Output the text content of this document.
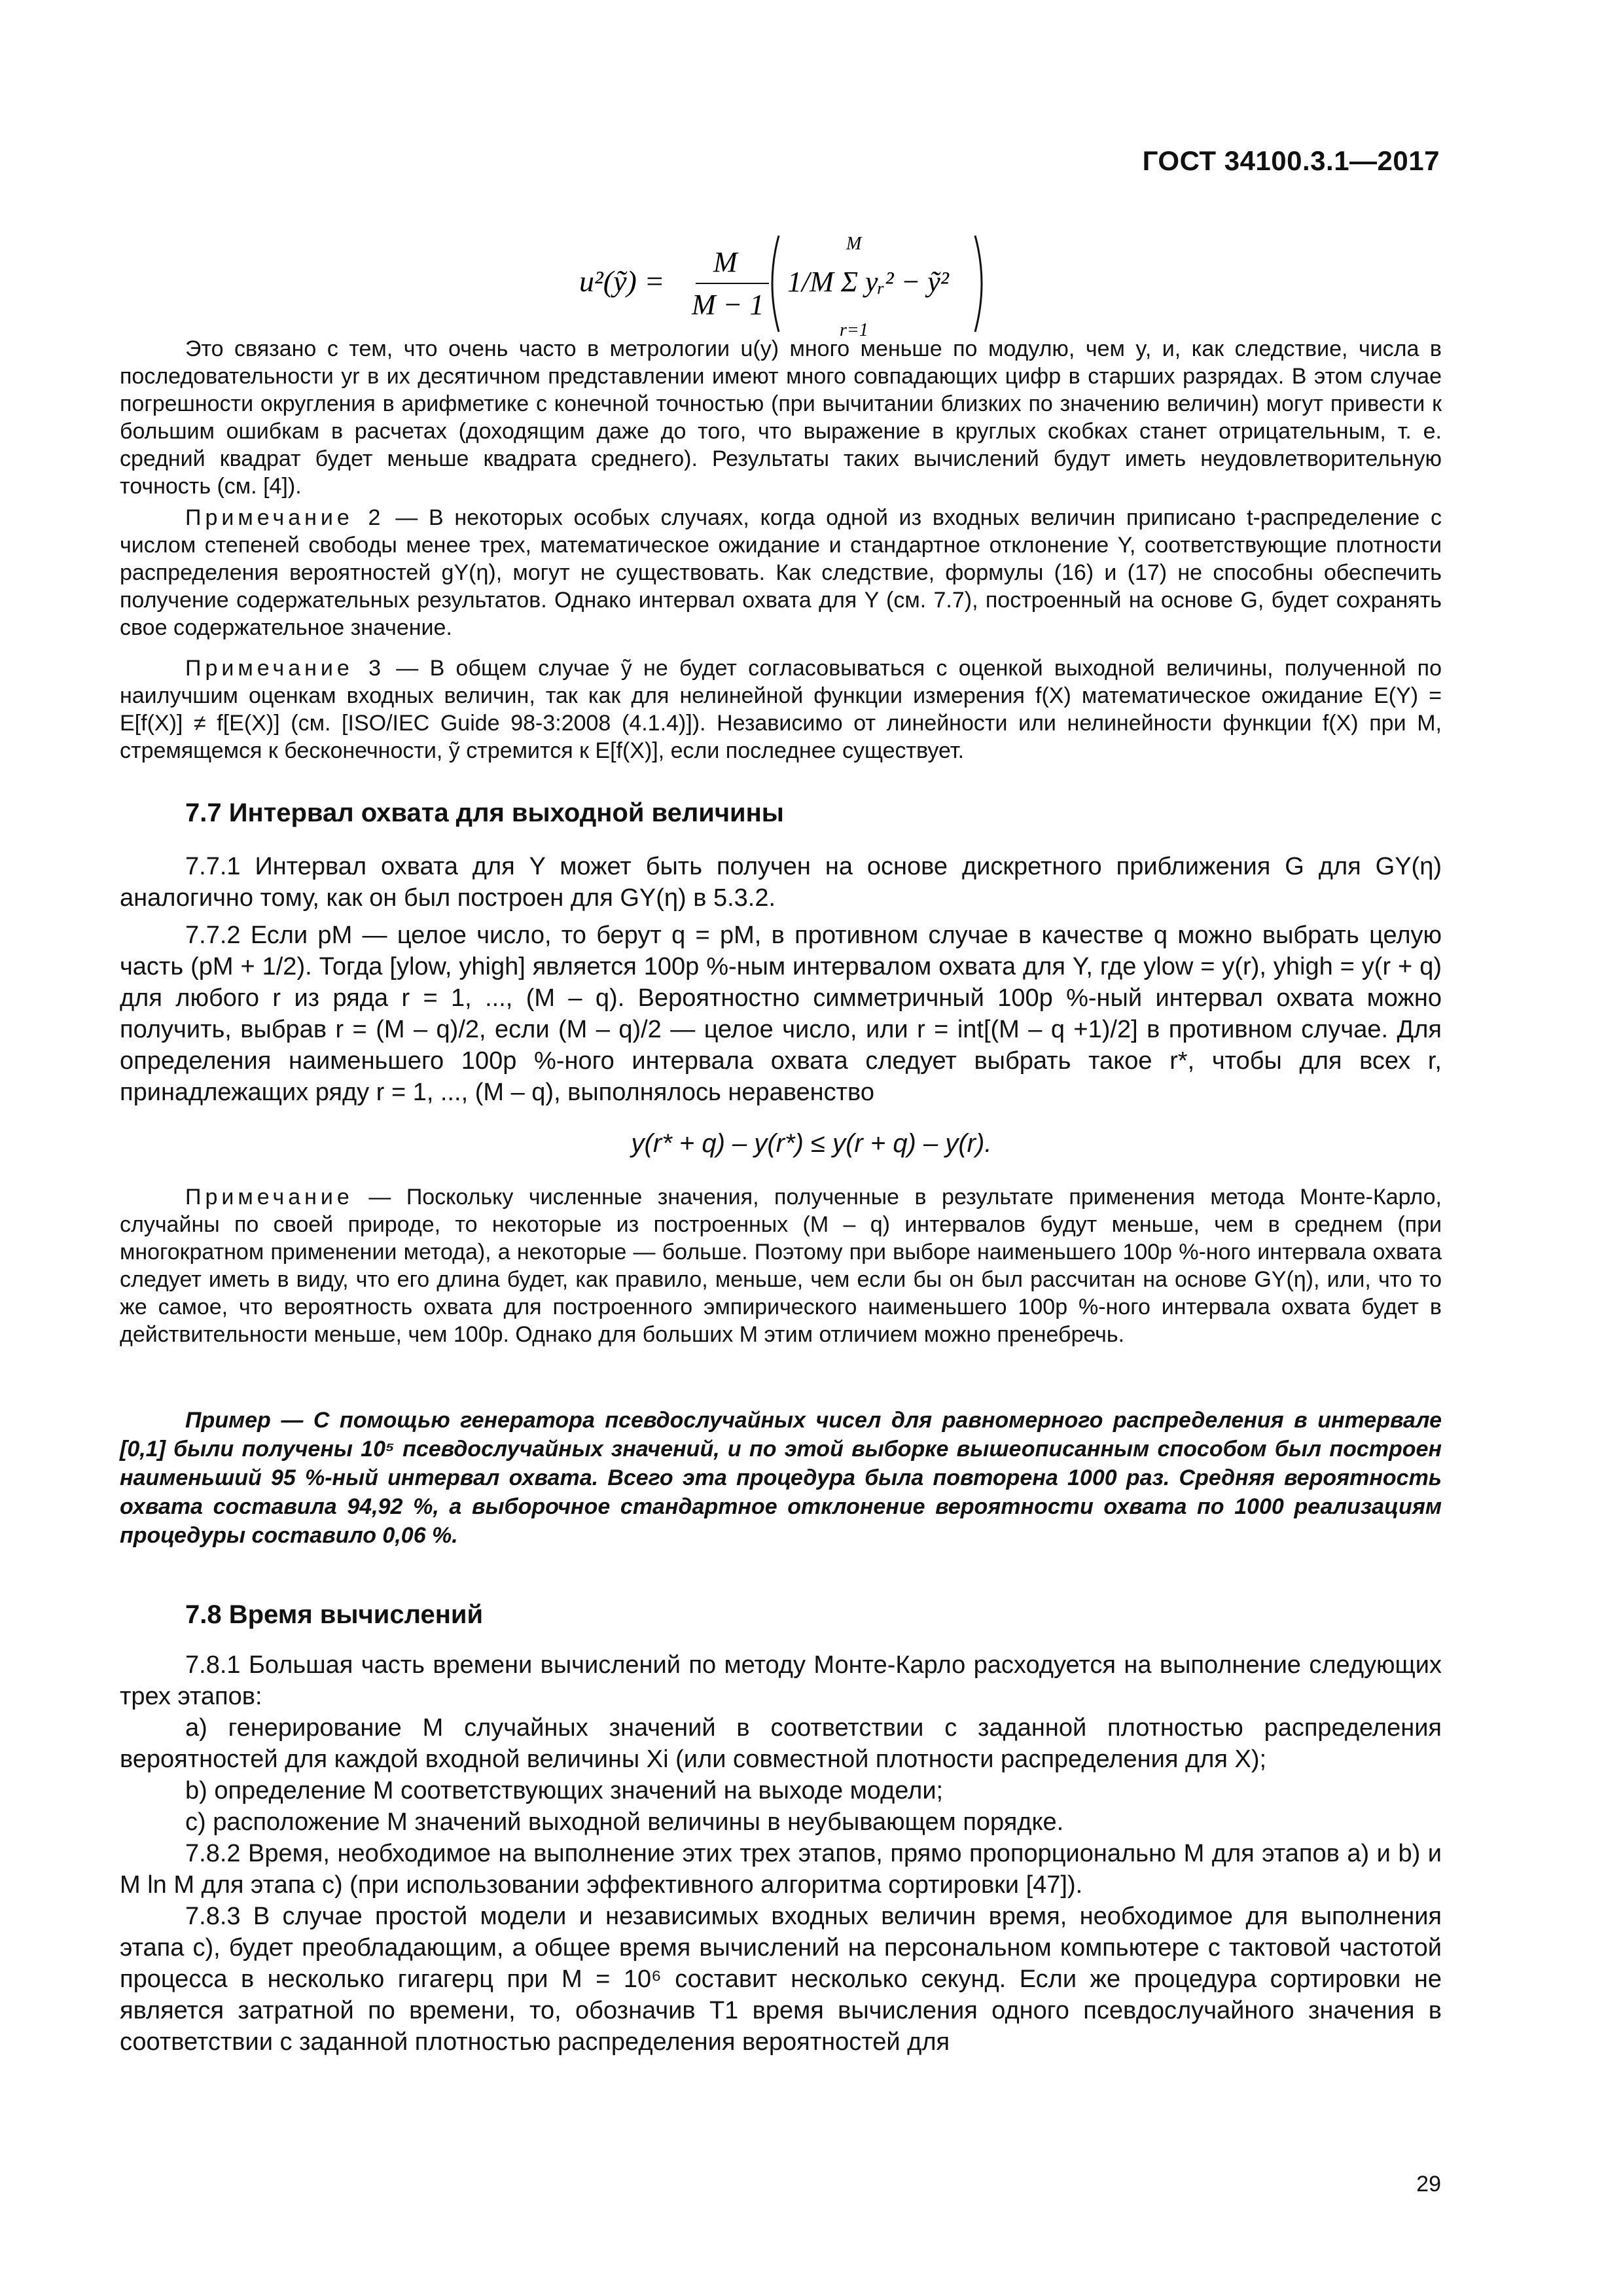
ГОСТ 34100.3.1—2017
u²(ỹ) =
M
M − 1
1/M Σ yᵣ² − ỹ²
M
r=1

Это связано с тем, что очень часто в метрологии u(y) много меньше по модулю, чем y, и, как следствие, числа в последовательности yr в их десятичном представлении имеют много совпадающих цифр в старших разрядах. В этом случае погрешности округления в арифметике с конечной точностью (при вычитании близких по значению величин) могут привести к большим ошибкам в расчетах (доходящим даже до того, что выражение в круглых скобках станет отрицательным, т. е. средний квадрат будет меньше квадрата среднего). Результаты таких вычислений будут иметь неудовлетворительную точность (см. [4]).

Примечание 2 — В некоторых особых случаях, когда одной из входных величин приписано t-распределение с числом степеней свободы менее трех, математическое ожидание и стандартное отклонение Y, соответствующие плотности распределения вероятностей gY(η), могут не существовать. Как следствие, формулы (16) и (17) не способны обеспечить получение содержательных результатов. Однако интервал охвата для Y (см. 7.7), построенный на основе G, будет сохранять свое содержательное значение.

Примечание 3 — В общем случае ỹ не будет согласовываться с оценкой выходной величины, полученной по наилучшим оценкам входных величин, так как для нелинейной функции измерения f(X) математическое ожидание E(Y) = E[f(X)] ≠ f[E(X)] (см. [ISO/IEC Guide 98-3:2008 (4.1.4)]). Независимо от линейности или нелинейности функции f(X) при M, стремящемся к бесконечности, ỹ стремится к E[f(X)], если последнее существует.

7.7 Интервал охвата для выходной величины

7.7.1 Интервал охвата для Y может быть получен на основе дискретного приближения G для GY(η) аналогично тому, как он был построен для GY(η) в 5.3.2.

7.7.2 Если pM — целое число, то берут q = pM, в противном случае в качестве q можно выбрать целую часть (pM + 1/2). Тогда [ylow, yhigh] является 100p %-ным интервалом охвата для Y, где ylow = y(r), yhigh = y(r + q) для любого r из ряда r = 1, ..., (M – q). Вероятностно симметричный 100p %-ный интервал охвата можно получить, выбрав r = (M – q)/2, если (M – q)/2 — целое число, или r = int[(M – q +1)/2] в противном случае. Для определения наименьшего 100p %-ного интервала охвата следует выбрать такое r*, чтобы для всех r, принадлежащих ряду r = 1, ..., (M – q), выполнялось неравенство

y(r* + q) – y(r*) ≤ y(r + q) – y(r).

Примечание — Поскольку численные значения, полученные в результате применения метода Монте-Карло, случайны по своей природе, то некоторые из построенных (M – q) интервалов будут меньше, чем в среднем (при многократном применении метода), а некоторые — больше. Поэтому при выборе наименьшего 100p %-ного интервала охвата следует иметь в виду, что его длина будет, как правило, меньше, чем если бы он был рассчитан на основе GY(η), или, что то же самое, что вероятность охвата для построенного эмпирического наименьшего 100p %-ного интервала охвата будет в действительности меньше, чем 100p. Однако для больших M этим отличием можно пренебречь.

Пример — С помощью генератора псевдослучайных чисел для равномерного распределения в интервале [0,1] были получены 10⁵ псевдослучайных значений, и по этой выборке вышеописанным способом был построен наименьший 95 %-ный интервал охвата. Всего эта процедура была повторена 1000 раз. Средняя вероятность охвата составила 94,92 %, а выборочное стандартное отклонение вероятности охвата по 1000 реализациям процедуры составило 0,06 %.

7.8 Время вычислений

7.8.1 Большая часть времени вычислений по методу Монте-Карло расходуется на выполнение следующих трех этапов:

a) генерирование M случайных значений в соответствии с заданной плотностью распределения вероятностей для каждой входной величины Xi (или совместной плотности распределения для X);

b) определение M соответствующих значений на выходе модели;

c) расположение M значений выходной величины в неубывающем порядке.

7.8.2 Время, необходимое на выполнение этих трех этапов, прямо пропорционально M для этапов a) и b) и M ln M для этапа c) (при использовании эффективного алгоритма сортировки [47]).

7.8.3 В случае простой модели и независимых входных величин время, необходимое для выполнения этапа c), будет преобладающим, а общее время вычислений на персональном компьютере с тактовой частотой процесса в несколько гигагерц при M = 10⁶ составит несколько секунд. Если же процедура сортировки не является затратной по времени, то, обозначив T1 время вычисления одного псевдослучайного значения в соответствии с заданной плотностью распределения вероятностей для

29
